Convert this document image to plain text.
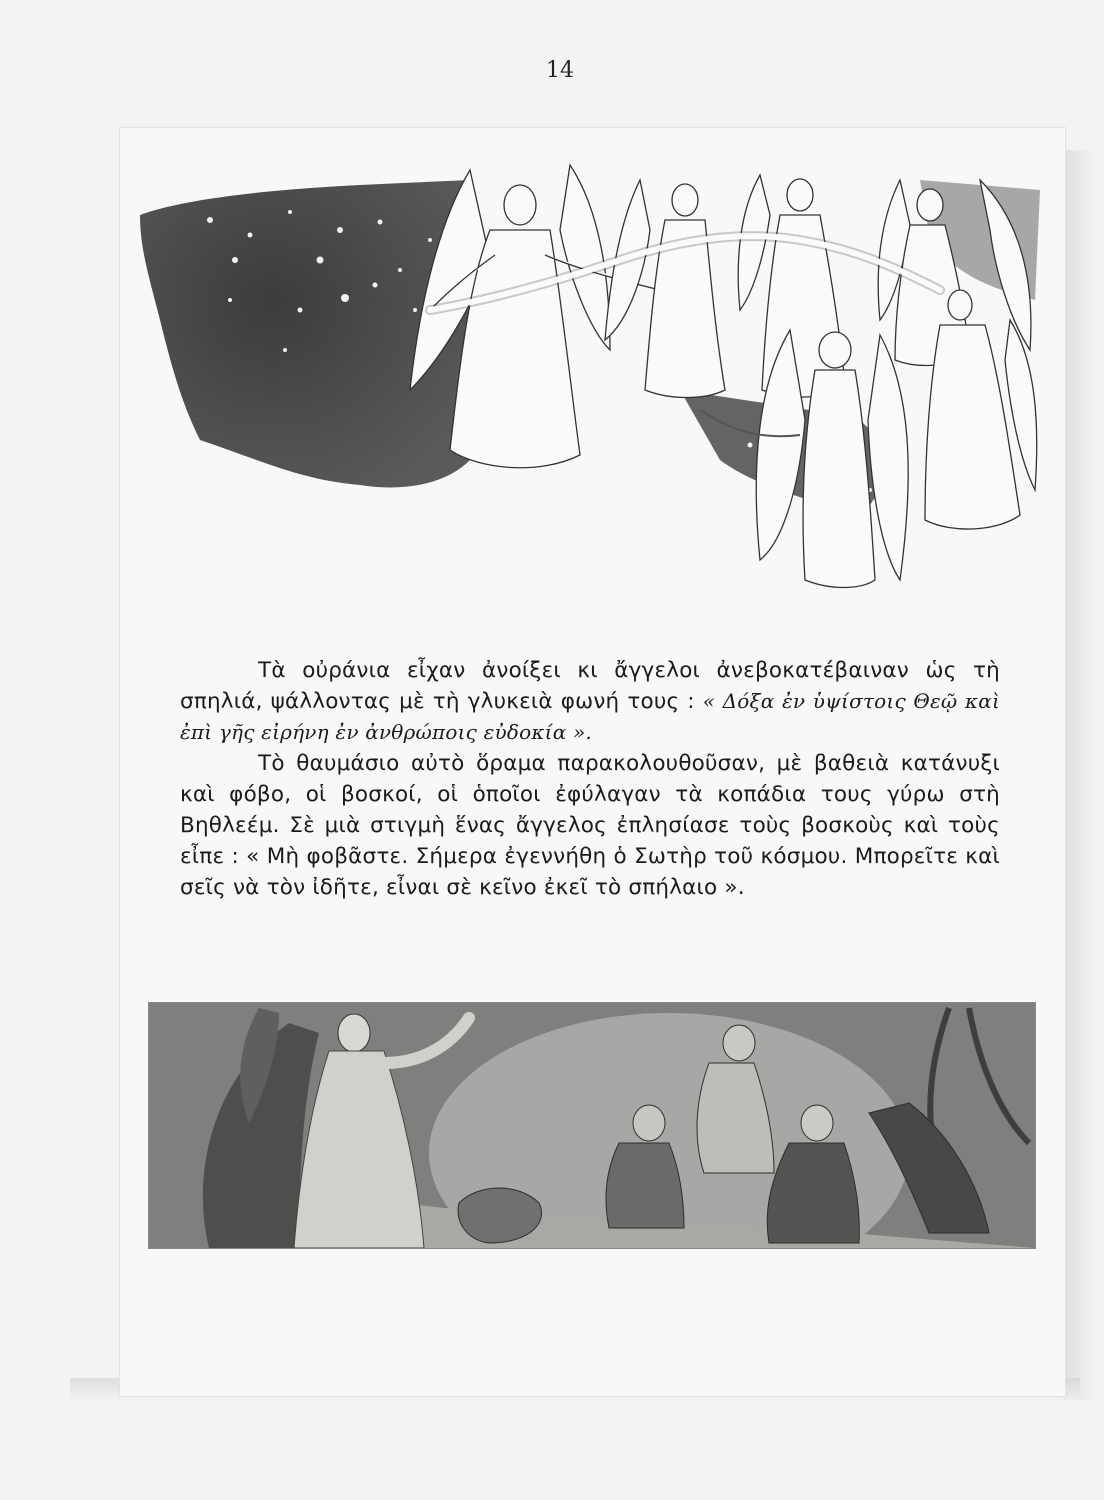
14

Τὰ οὐράνια εἶχαν ἀνοίξει κι ἄγγελοι ἀνεβοκατέβαιναν ὡς τὴ σπηλιά, ψάλλοντας μὲ τὴ γλυκειὰ φωνή τους : « Δόξα ἐν ὑψίστοις Θεῷ καὶ ἐπὶ γῆς εἰρήνη ἐν ἀνθρώποις εὐδοκία ».

Τὸ θαυμάσιο αὐτὸ ὅραμα παρακολουθοῦσαν, μὲ βαθειὰ κατάνυξι καὶ φόβο, οἱ βοσκοί, οἱ ὁποῖοι ἐφύλαγαν τὰ κοπάδια τους γύρω στὴ Βηθλεέμ. Σὲ μιὰ στιγμὴ ἕνας ἄγγελος ἐπλησίασε τοὺς βοσκοὺς καὶ τοὺς εἶπε : « Μὴ φοβᾶστε. Σήμερα ἐγεννήθη ὁ Σωτὴρ τοῦ κόσμου. Μπορεῖτε καὶ σεῖς νὰ τὸν ἰδῆτε, εἶναι σὲ κεῖνο ἐκεῖ τὸ σπήλαιο ».
